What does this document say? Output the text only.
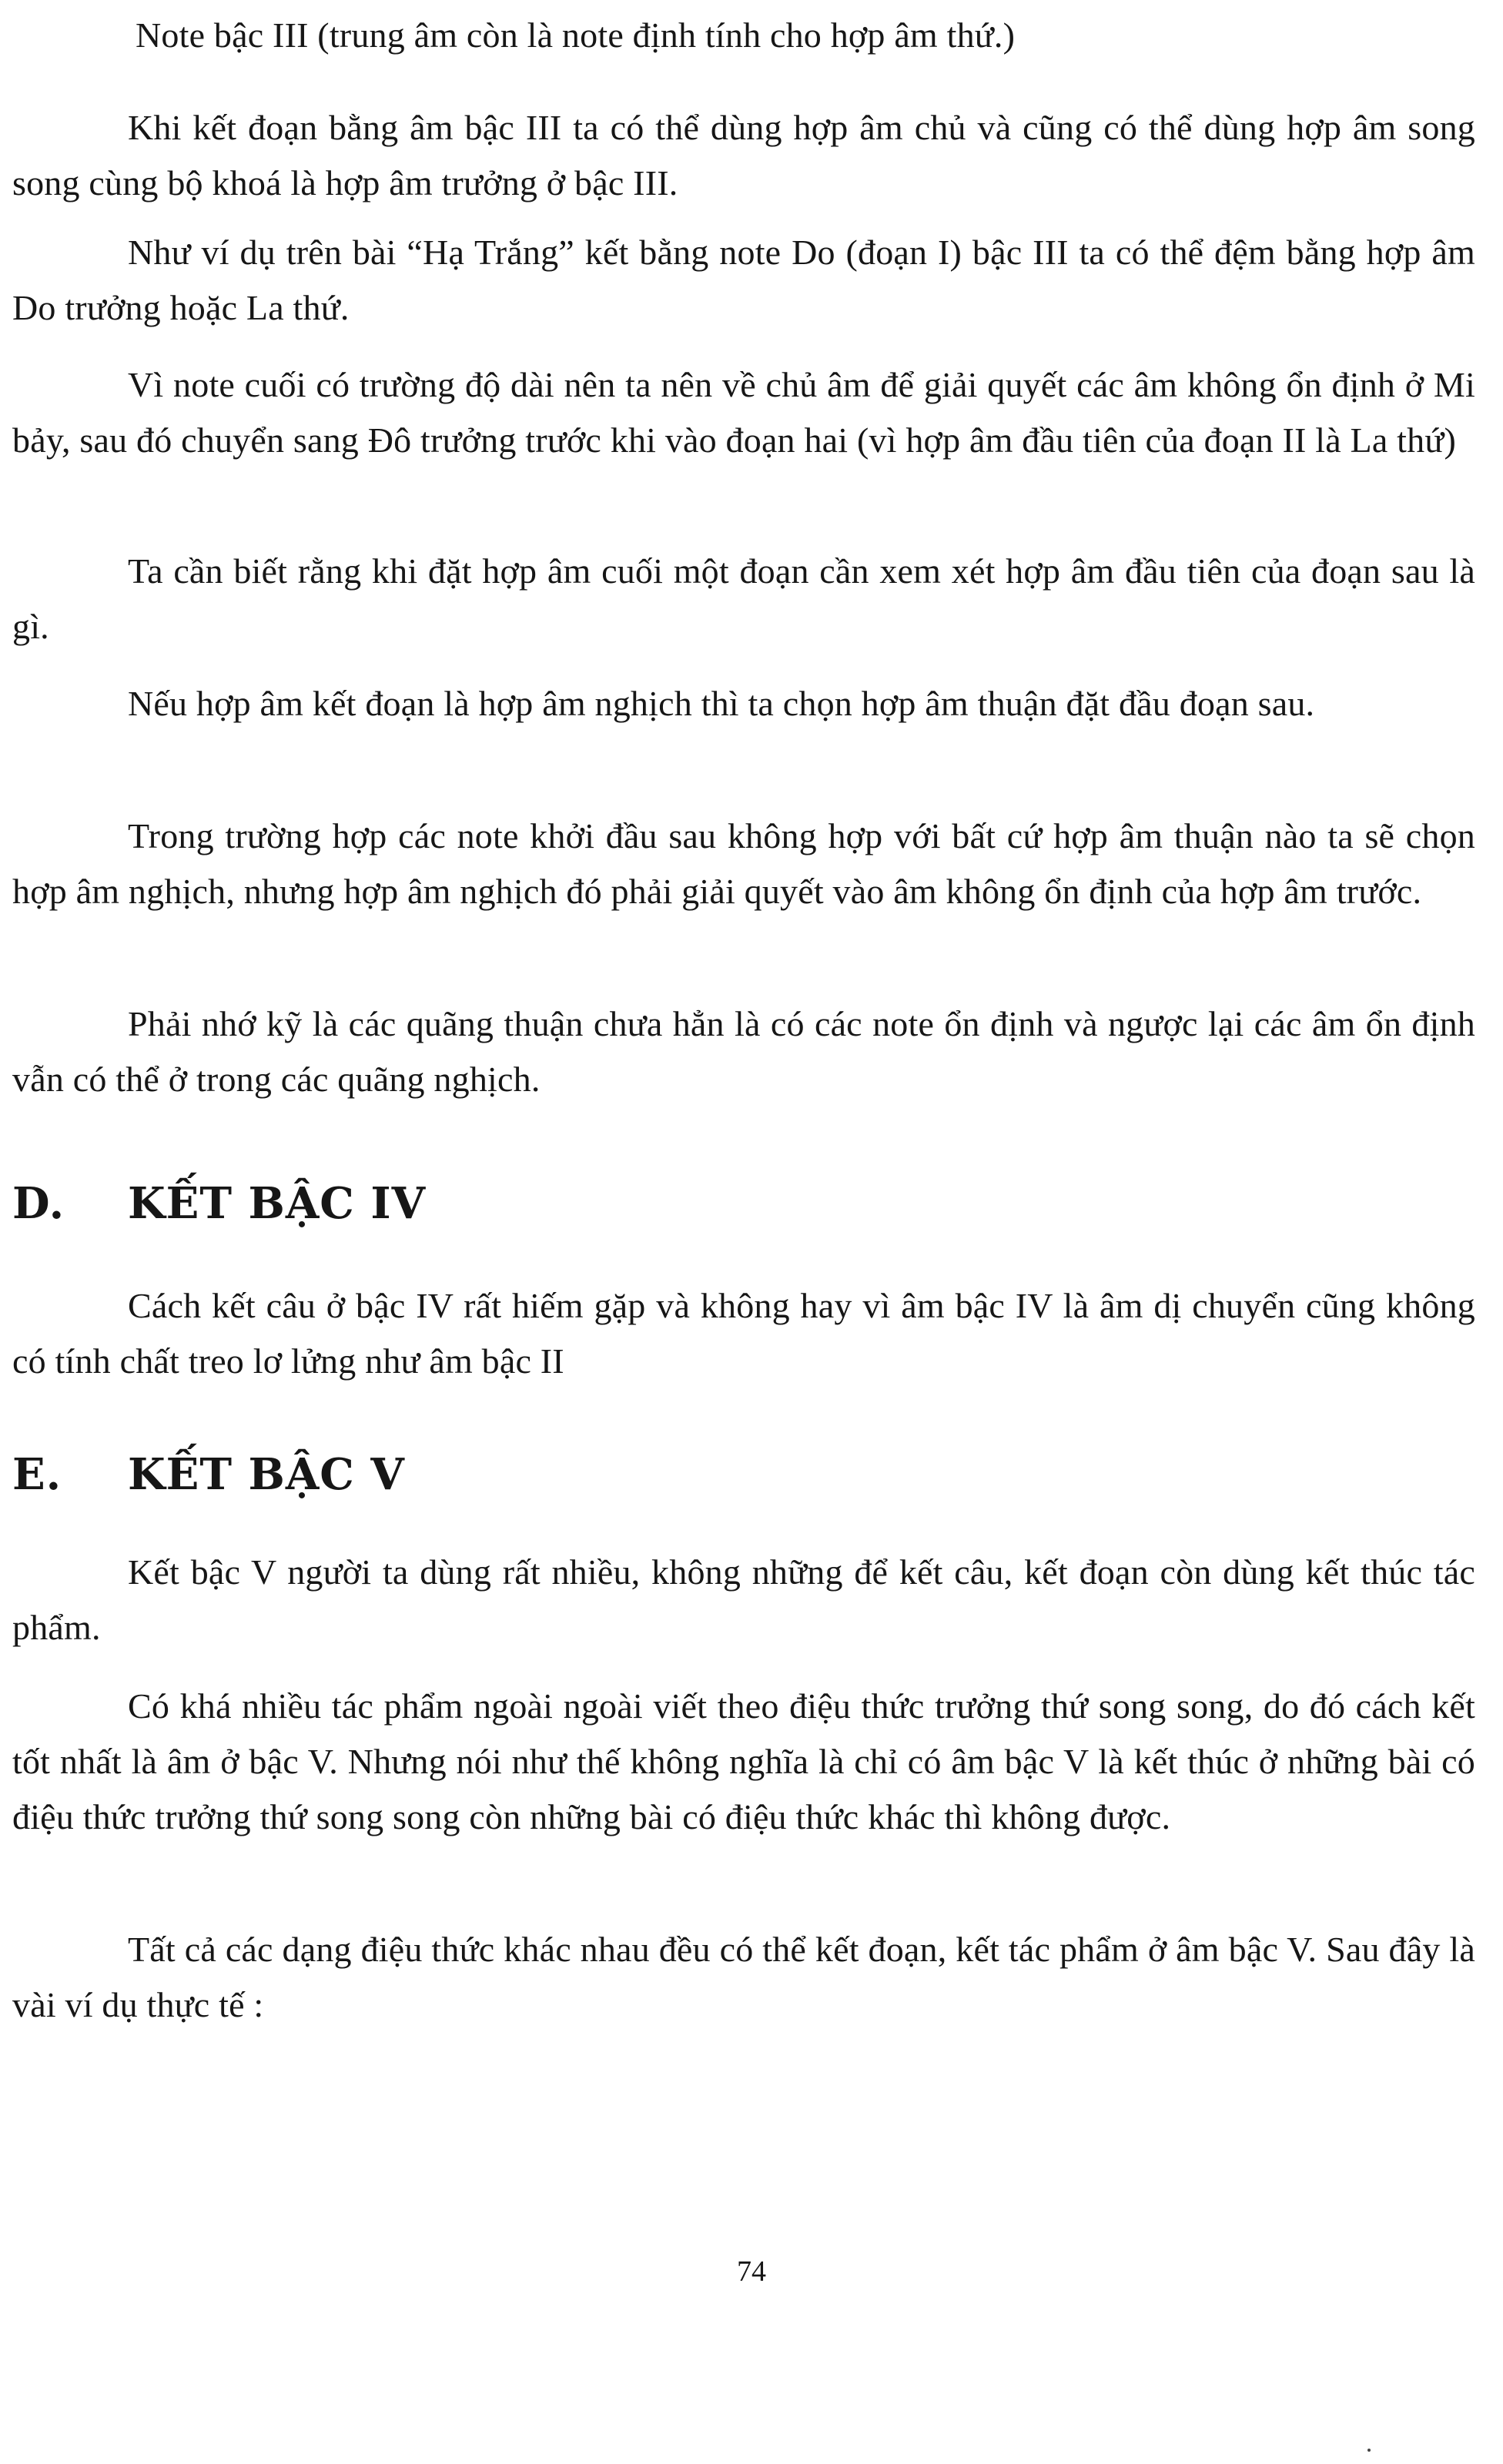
Note bậc III (trung âm còn là note định tính cho hợp âm thứ.)

Khi kết đoạn bằng âm bậc III ta có thể dùng hợp âm chủ và cũng có thể dùng hợp âm song song cùng bộ khoá là hợp âm trưởng ở bậc III.

Như ví dụ trên bài “Hạ Trắng” kết bằng note Do (đoạn I) bậc III ta có thể đệm bằng hợp âm Do trưởng hoặc La thứ.

Vì note cuối có trường độ dài nên ta nên về chủ âm để giải quyết các âm không ổn định ở Mi bảy, sau đó chuyển sang Đô trưởng trước khi vào đoạn hai (vì hợp âm đầu tiên của đoạn II là La thứ)

Ta cần biết rằng khi đặt hợp âm cuối một đoạn cần xem xét hợp âm đầu tiên của đoạn sau là gì.

Nếu hợp âm kết đoạn là hợp âm nghịch thì ta chọn hợp âm thuận đặt đầu đoạn sau.

Trong trường hợp các note khởi đầu sau không hợp với bất cứ hợp âm thuận nào ta sẽ chọn hợp âm nghịch, nhưng hợp âm nghịch đó phải giải quyết vào âm không ổn định của hợp âm trước.

Phải nhớ kỹ là các quãng thuận chưa hẳn là có các note ổn định và ngược lại các âm ổn định vẫn có thể ở trong các quãng nghịch.

D. KẾT BẬC IV

Cách kết câu ở bậc IV rất hiếm gặp và không hay vì âm bậc IV là âm dị chuyển cũng không có tính chất treo lơ lửng như âm bậc II

E. KẾT BẬC V

Kết bậc V người ta dùng rất nhiều, không những để kết câu, kết đoạn còn dùng kết thúc tác phẩm.

Có khá nhiều tác phẩm ngoài ngoài viết theo điệu thức trưởng thứ song song, do đó cách kết tốt nhất là âm ở bậc V. Nhưng nói như thế không nghĩa là chỉ có âm bậc V là kết thúc ở những bài có điệu thức trưởng thứ song song còn những bài có điệu thức khác thì không được.

Tất cả các dạng điệu thức khác nhau đều có thể kết đoạn, kết tác phẩm ở âm bậc V. Sau đây là vài ví dụ thực tế :

74
